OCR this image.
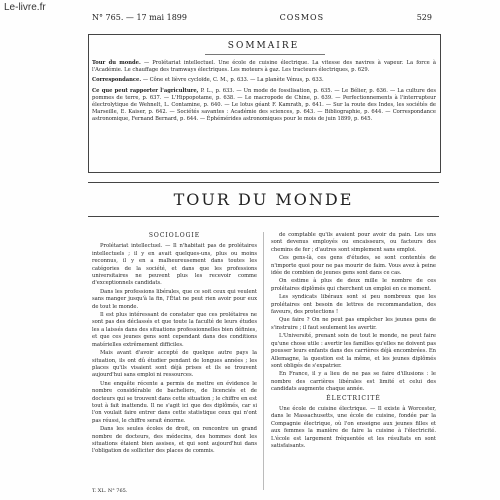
Le-livre.fr
N° 765. — 17 mai 1899	COSMOS	529
SOMMAIRE

Tour du monde. — Prolétariat intellectuel. Une école de cuisine électrique. La vitesse des navires à vapeur. La force à l'Académie. Le chauffage des tramways électriques. Les moteurs à gaz. Les tracteurs électriques, p. 629.

Correspondance. — Cône et lièvre cycloïde, C. M., p. 633. — La planète Vénus, p. 633.

Ce que peut rapporter l'agriculture, P. L., p. 633. — Un mode de fossilisation, p. 635. — Le Bélier, p. 636. — La culture des pommes de terre, p. 637. — L'Hippopotame, p. 638. — Le macropode de Chine, p. 639. — Perfectionnements à l'interrupteur électrolytique de Wehnelt, L. Contamine, p. 640. — Le lotus géant F. Kamrath, p. 641. — Sur la route des Indes, les sociétés de Marseille, E. Kaiser, p. 642. — Sociétés savantes : Académie des sciences, p. 643. — Bibliographie, p. 644. — Correspondance astronomique, Fernand Bernard, p. 644. — Éphémérides astronomiques pour le mois de juin 1899, p. 645.

TOUR DU MONDE

SOCIOLOGIE

Prolétariat intellectuel. — Il n'habitait pas de prolétaires intellectuels ; il y en avait quelques-uns, plus ou moins reconnus, il y en a malheureusement dans toutes les catégories de la société, et dans que les professions universitaires ne peuvent plus les recevoir comme d'exceptionnels candidats.

Dans les professions libérales, que ce soit ceux qui veulent sans manger jusqu'à la fin, l'État ne peut rien avoir pour eux de tout le monde.

Il est plus intéressant de constater que ces prolétaires ne sont pas des déclassés et que toute la faculté de leurs études les a laissés dans des situations professionnelles bien définies, et que ces jeunes gens sont cependant dans des conditions matérielles extrêmement difficiles.

Mais avant d'avoir accepté de quelque autre pays la situation, ils ont dû étudier pendant de longues années ; les places qu'ils visaient sont déjà prises et ils se trouvent aujourd'hui sans emploi ni ressources.

Une enquête récente a permis de mettre en évidence le nombre considérable de bacheliers, de licenciés et de docteurs qui se trouvent dans cette situation ; le chiffre en est tout à fait inattendu. Il ne s'agit ici que des diplômés, car si l'on voulait faire entrer dans cette statistique ceux qui n'ont pas réussi, le chiffre serait énorme.

Dans les seules écoles de droit, on rencontre un grand nombre de docteurs, des médecins, des hommes dont les situations étaient bien assises, et qui sont aujourd'hui dans l'obligation de solliciter des places de commis.

de comptable qu'ils avaient pour avoir du pain. Les uns sont devenus employés ou encaisseurs, ou facteurs des chemins de fer ; d'autres sont simplement sans emploi.

Ces gens-là, ces gens d'études, se sont contentés de n'importe quoi pour ne pas mourir de faim. Vous avez à peine idée de combien de jeunes gens sont dans ce cas.

On estime à plus de deux mille le nombre de ces prolétaires diplômés qui cherchent un emploi en ce moment.

Les syndicats libéraux sont si peu nombreux que les prolétaires ont besoin de lettres de recommandation, des faveurs, des protections !

Que faire ? On ne peut pas empêcher les jeunes gens de s'instruire ; il faut seulement les avertir.

L'Université, prenant soin de tout le monde, ne peut faire qu'une chose utile : avertir les familles qu'elles ne doivent pas pousser leurs enfants dans des carrières déjà encombrées. En Allemagne, la question est la même, et les jeunes diplômés sont obligés de s'expatrier.

En France, il y a lieu de ne pas se faire d'illusions : le nombre des carrières libérales est limité et celui des candidats augmente chaque année.

ÉLECTRICITÉ

Une école de cuisine électrique. — Il existe à Worcester, dans le Massachusetts, une école de cuisine, fondée par la Compagnie électrique, où l'on enseigne aux jeunes filles et aux femmes la manière de faire la cuisine à l'électricité. L'école est largement fréquentée et les résultats en sont satisfaisants.

T. XL. N° 765.
